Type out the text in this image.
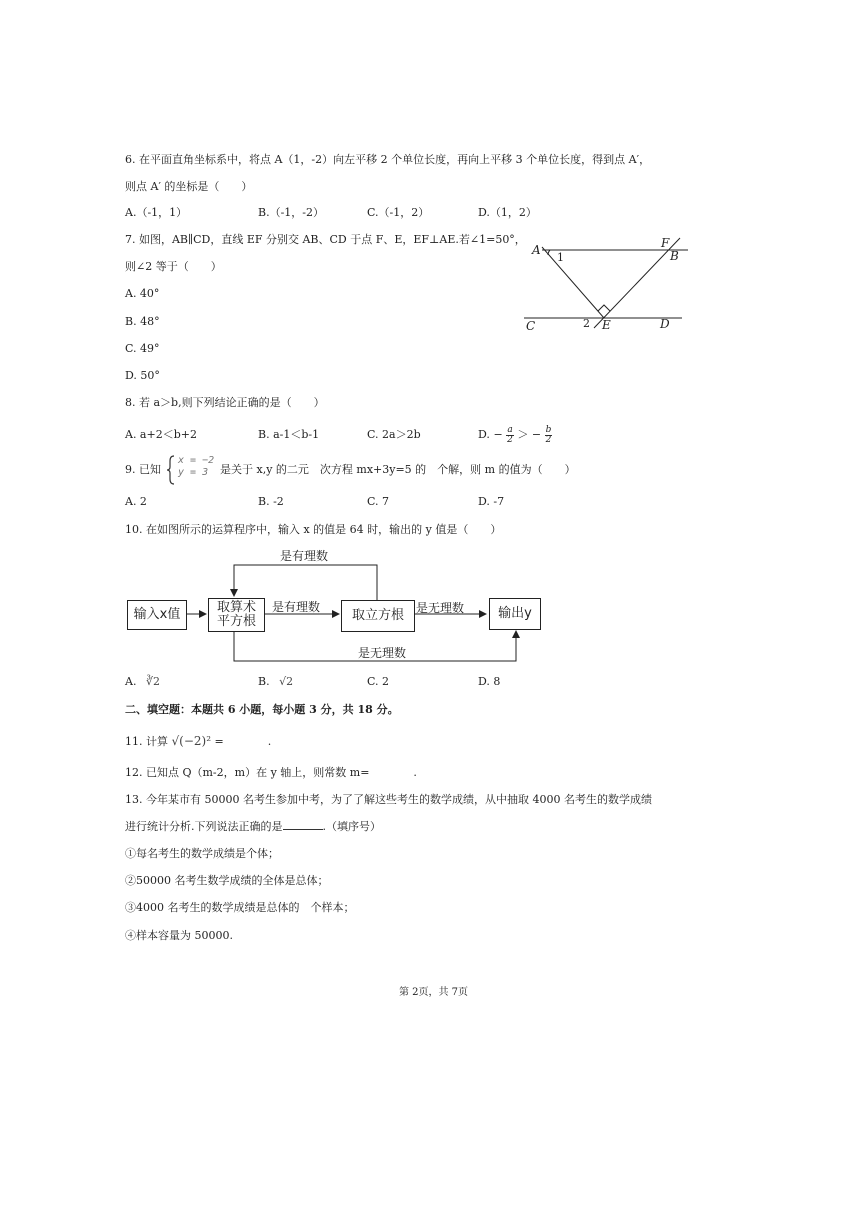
6. 在平面直角坐标系中，将点 A（1，-2）向左平移 2 个单位长度，再向上平移 3 个单位长度，得到点 A′，
则点 A′ 的坐标是（　　）
A.（-1，1）	B.（-1，-2）	C.（-1，2）	D.（1，2）
7. 如图，AB∥CD，直线 EF 分别交 AB、CD 于点 F、E，EF⊥AE.若∠1=50°，
则∠2 等于（　　）
A. 40°
B. 48°
C. 49°
D. 50°
A
1
F
B
C	2 E	D
8. 若 a＞b,则下列结论正确的是（　　）
A. a+2＜b+2	B. a-1＜b-1	C. 2a＞2b	D. − $\frac{a}{2}$ ＞ − $\frac{b}{2}$
9. 已知
x = −2
y = 3	是关于 x,y 的二元　次方程 mx+3y=5 的　个解，则 m 的值为（　　）
A. 2	B. -2	C. 7	D. -7
10. 在如图所示的运算程序中，输入 x 的值是 64 时，输出的 y 值是（　　）
输入x值	取算术
平方根	取立方根	输出y
是有理数
是有理数	是无理数
是无理数
A. ∛2	B. √2	C. 2	D. 8
二、填空题：本题共 6 小题，每小题 3 分，共 18 分。
11. 计算 √(−2)² =　　　　.
12. 已知点 Q（m-2，m）在 y 轴上，则常数 m=　　　　.
13. 今年某市有 50000 名考生参加中考，为了了解这些考生的数学成绩，从中抽取 4000 名考生的数学成绩
进行统计分析.下列说法正确的是	.（填序号）
①每名考生的数学成绩是个体；
②50000 名考生数学成绩的全体是总体；
③4000 名考生的数学成绩是总体的　个样本；
④样本容量为 50000.
第 2页，共 7页
